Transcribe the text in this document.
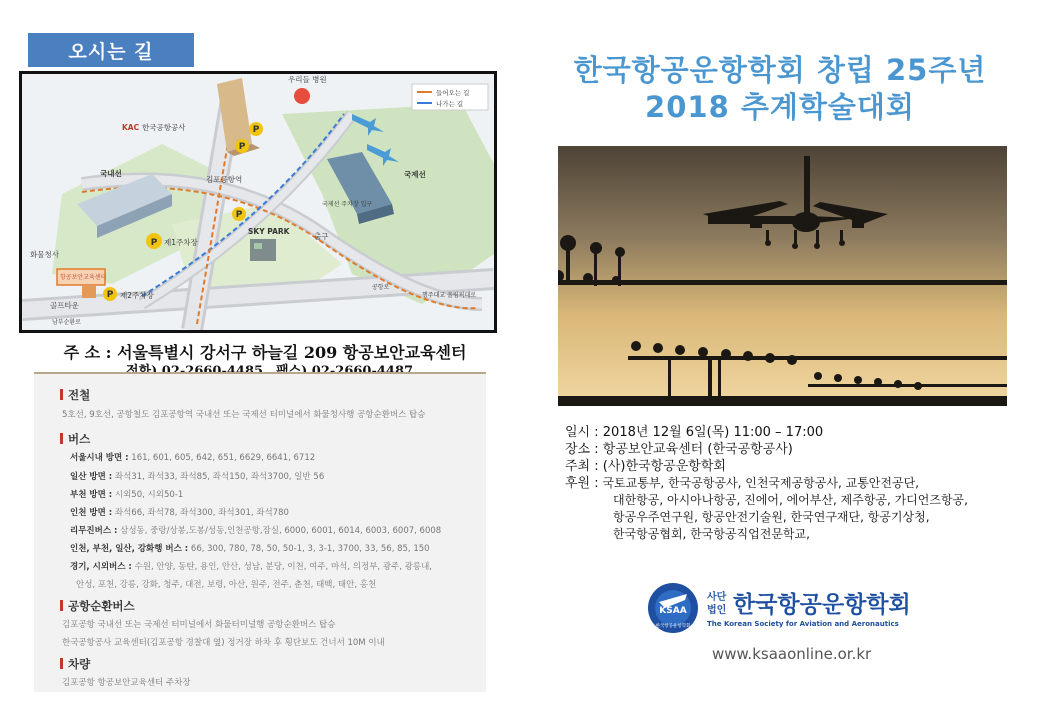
오시는 길
P
P
P
P
P
KAC 한국공항공사
우리들 병원
국내선	국제선
김포공항역
제1주차장
제2주차장
SKY PARK
출구
국제선 주차장 입구
화물청사
항공보안교육센터
골프타운
남부순환로
공항로
행주대교 올림픽대로
들어오는 길
나가는 길
주 소 : 서울특별시 강서구 하늘길 209 항공보안교육센터
전철
5호선, 9호선, 공항철도 김포공항역 국내선 또는 국제선 터미널에서 화물청사행 공항순환버스 탑승
버스
서울시내 방면 : 161, 601, 605, 642, 651, 6629, 6641, 6712
일산 방면 : 좌석31, 좌석33, 좌석85, 좌석150, 좌석3700, 일반 56
부천 방면 : 시외50, 시외50-1
인천 방면 : 좌석66, 좌석78, 좌석300, 좌석301, 좌석780
리무진버스 : 삼성동, 중랑/상봉,도봉/성동,인천공항,잠실, 6000, 6001, 6014, 6003, 6007, 6008
인천, 부천, 일산, 강화행 버스 : 66, 300, 780, 78, 50, 50-1, 3, 3-1, 3700, 33, 56, 85, 150
경기, 시외버스 : 수원, 안양, 동탄, 용인, 안산, 성남, 분당, 이천, 여주, 마석, 의정부, 광주, 광릉내,
안성, 포천, 강릉, 강화, 청주, 대전, 보령, 아산, 원주, 전주, 춘천, 태백, 태안, 홍천
공항순환버스
김포공항 국내선 또는 국제선 터미널에서 화물터미널행 공항순환버스 탑승
한국공항공사 교육센터(김포공항 경찰대 옆) 정거장 하차 후 횡단보도 건너서 10M 이내
차량
김포공항 항공보안교육센터 주차장
한국항공운항학회 창립 25주년
2018 추계학술대회
일시 : 2018년 12월 6일(목) 11:00 – 17:00
장소 : 항공보안교육센터 (한국공항공사)
주최 : (사)한국항공운항학회
후원 : 국토교통부, 한국공항공사, 인천국제공항공사, 교통안전공단,
대한항공, 아시아나항공, 진에어, 에어부산, 제주항공, 가디언즈항공,
항공우주연구원, 항공안전기술원, 한국연구재단, 항공기상청,
한국항공협회, 한국항공직업전문학교,
KSAA
한국항공운항학회
사단
법인 한국항공운항학회
The Korean Society for Aviation and Aeronautics
www.ksaaonline.or.kr
